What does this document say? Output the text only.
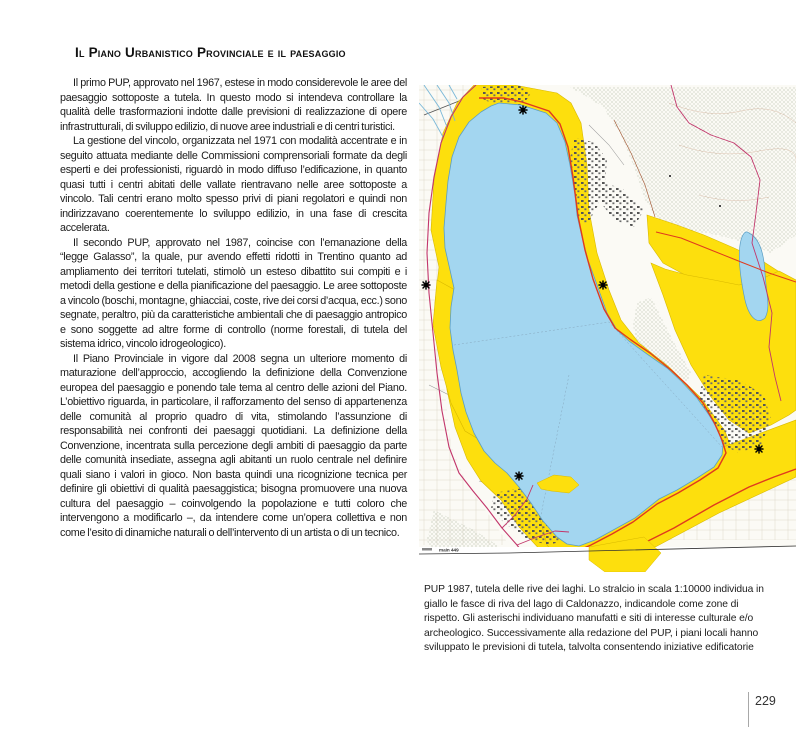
Il Piano Urbanistico Provinciale e il paesaggio

Il primo PUP, approvato nel 1967, estese in modo considerevole le aree del paesaggio sottoposte a tutela. In questo modo si intendeva controllare la qualità delle trasformazioni indotte dalle previsioni di realizzazione di opere infrastrutturali, di sviluppo edilizio, di nuove aree industriali e di centri turistici.

La gestione del vincolo, organizzata nel 1971 con modalità accentrate e in seguito attuata mediante delle Commissioni comprensoriali formate da degli esperti e dei professionisti, riguardò in modo diffuso l’edificazione, in quanto quasi tutti i centri abitati delle vallate rientravano nelle aree sottoposte a vincolo. Tali centri erano molto spesso privi di piani regolatori e quindi non indirizzavano coerentemente lo sviluppo edilizio, in una fase di crescita accelerata.

Il secondo PUP, approvato nel 1987, coincise con l’emanazione della “legge Galasso”, la quale, pur avendo effetti ridotti in Trentino quanto ad ampliamento dei territori tutelati, stimolò un esteso dibattito sui compiti e i metodi della gestione e della pianificazione del paesaggio. Le aree sottoposte a vincolo (boschi, montagne, ghiacciai, coste, rive dei corsi d’acqua, ecc.) sono segnate, peraltro, più da caratteristiche ambientali che di paesaggio antropico e sono soggette ad altre forme di controllo (norme forestali, di tutela del sistema idrico, vincolo idrogeologico).

Il Piano Provinciale in vigore dal 2008 segna un ulteriore momento di maturazione dell’approccio, accogliendo la definizione della Convenzione europea del paesaggio e ponendo tale tema al centro delle azioni del Piano. L’obiettivo riguarda, in particolare, il rafforzamento del senso di appartenenza delle comunità al proprio quadro di vita, stimolando l’assunzione di responsabilità nei confronti dei paesaggi quotidiani. La definizione della Convenzione, incentrata sulla percezione degli ambiti di paesaggio da parte delle comunità insediate, assegna agli abitanti un ruolo centrale nel definire quali siano i valori in gioco. Non basta quindi una ricognizione tecnica per definire gli obiettivi di qualità paesaggistica; bisogna promuovere una nuova cultura del paesaggio – coinvolgendo la popolazione e tutti coloro che intervengono a modificarlo –, da intendere come un’opera collettiva e non come l’esito di dinamiche naturali o dell’intervento di un artista o di un tecnico.

main 449
PUP 1987, tutela delle rive dei laghi. Lo stralcio in scala 1:10000 individua in giallo le fasce di riva del lago di Caldonazzo, indicandole come zone di rispetto. Gli asterischi individuano manufatti e siti di interesse culturale e/o archeologico. Successivamente alla redazione del PUP, i piani locali hanno sviluppato le previsioni di tutela, talvolta consentendo iniziative edificatorie
229
